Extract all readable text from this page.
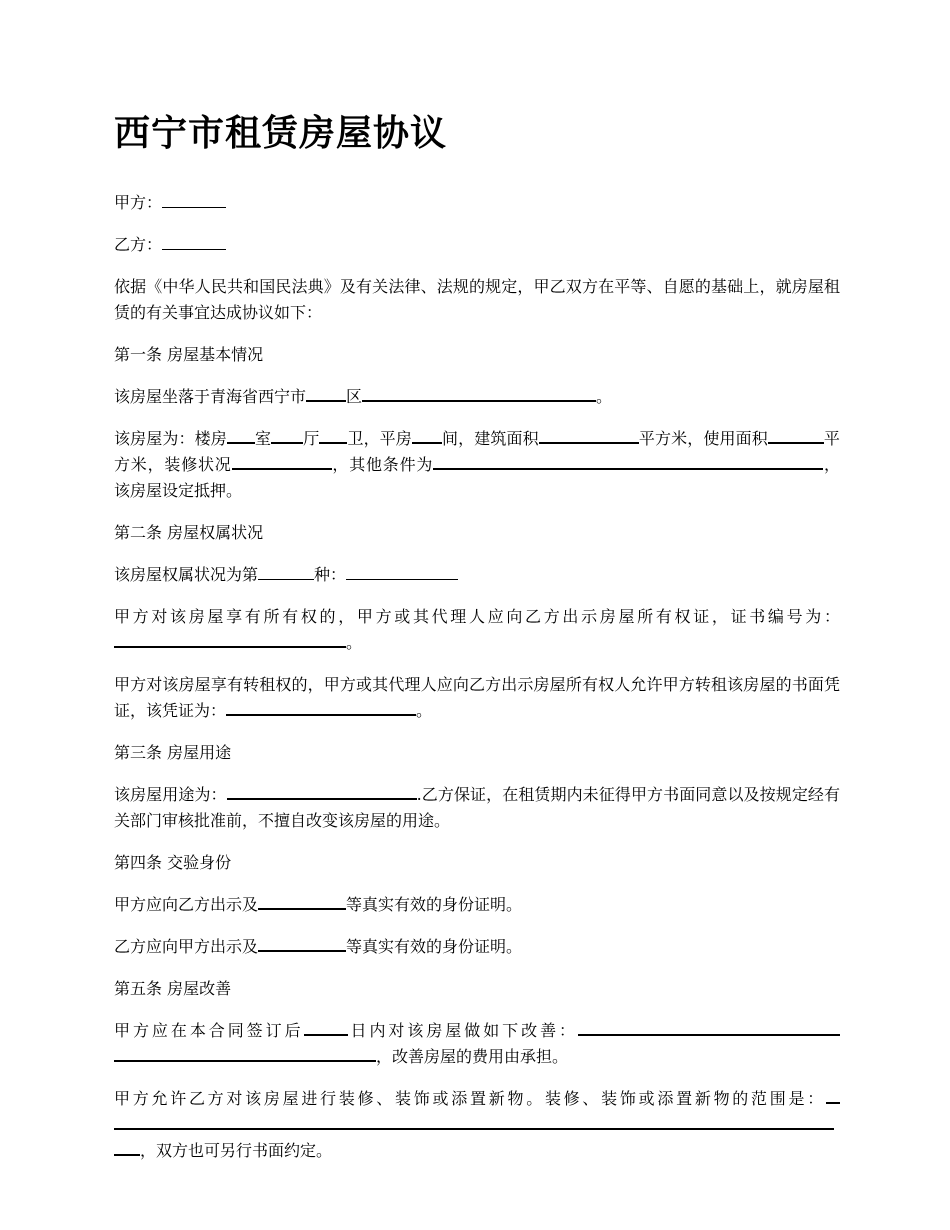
西宁市租赁房屋协议

甲方：

乙方：

依据《中华人民共和国民法典》及有关法律、法规的规定，甲乙双方在平等、自愿的基础上，就房屋租赁的有关事宜达成协议如下：

第一条 房屋基本情况

该房屋坐落于青海省西宁市	区	。

该房屋为：楼房 室 厅 卫，平房 间，建筑面积	平方米，使用面积	平方米，装修状况	，其他条件为	，该房屋设定抵押。

第二条 房屋权属状况

该房屋权属状况为第	种：

甲方对该房屋享有所有权的，甲方或其代理人应向乙方出示房屋所有权证，证书编号为：。

甲方对该房屋享有转租权的，甲方或其代理人应向乙方出示房屋所有权人允许甲方转租该房屋的书面凭证，该凭证为：	。

第三条 房屋用途

该房屋用途为：	.乙方保证，在租赁期内未征得甲方书面同意以及按规定经有关部门审核批准前，不擅自改变该房屋的用途。

第四条 交验身份

甲方应向乙方出示及	等真实有效的身份证明。

乙方应向甲方出示及	等真实有效的身份证明。

第五条 房屋改善

甲方应在本合同签订后	日内对该房屋做如下改善：，改善房屋的费用由承担。

甲方允许乙方对该房屋进行装修、装饰或添置新物。装修、装饰或添置新物的范围是：，双方也可另行书面约定。
